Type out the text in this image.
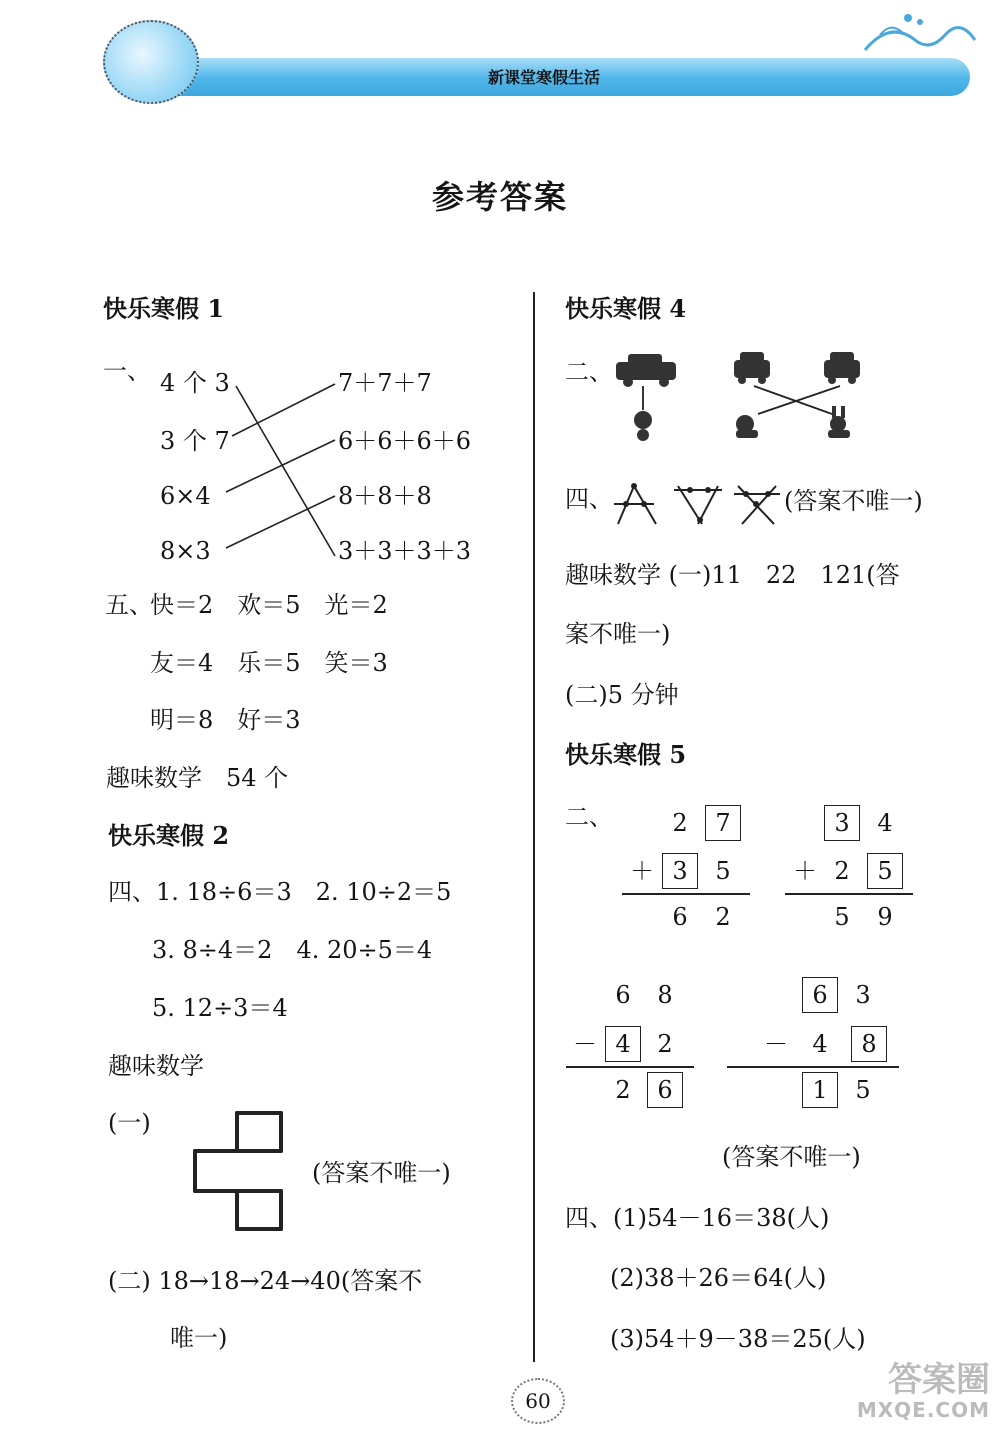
新课堂寒假生活
参考答案
快乐寒假 1
一、 4 个 3
3 个 7
6×4
8×3
7＋7＋7
6＋6＋6＋6
8＋8＋8
3＋3＋3＋3
五、
快＝2　欢＝5　光＝2
友＝4　乐＝5　笑＝3
明＝8　好＝3
趣味数学　54 个
快乐寒假 2
四、1. 18÷6＝3　2. 10÷2＝5
3. 8÷4＝2　4. 20÷5＝4
5. 12÷3＝4
趣味数学
(一)
(答案不唯一)
(二) 18→18→24→40(答案不
唯一)
快乐寒假 4
二、
四、	(答案不唯一)
趣味数学 (一)11　22　121(答
案不唯一)
(二)5 分钟
快乐寒假 5
二、	2	7
＋ 3	5
6	2
3	4
＋ 2	5
5	9
6	8
－ 4	2
2	6
6	3
－	4	8
1	5
(答案不唯一)
四、(1)54－16＝38(人)
(2)38＋26＝64(人)
(3)54＋9－38＝25(人)
60
答案圈
MXQE.COM
